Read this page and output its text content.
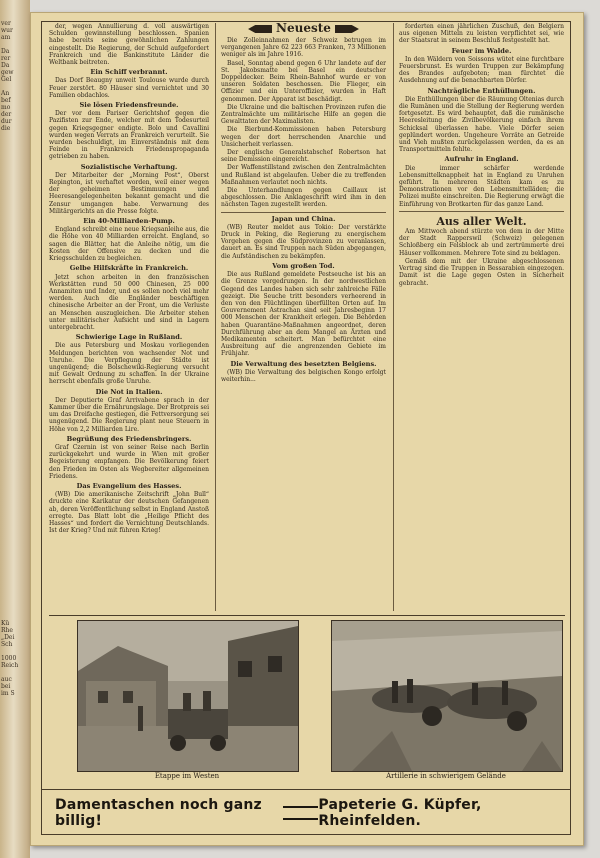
ver
wur
am

Da
rer
Da
gew
Gel

An
bef
mo
der
dur
die
Kü
Rhe
„Dei
Sch

1000
Reich

auc
bei
im S
der, wegen Annullierung d. voll auswärtigen Schulden gewinnstellung beschlossen. Spanien habe bereits seine gewöhnlichen Zahlungen eingestellt. Die Regierung, der Schuld aufgefordert Frankreich und die Bankinstitute Länder die Weltbank beitreten.
Ein Schiff verbrannt.
Das Dorf Beaugny unweit Toulouse wurde durch Feuer zerstört. 80 Häuser sind vernichtet und 30 Familien obdachlos.
Sie lösen Friedensfreunde.
Der vor dem Pariser Gerichtshof gegen die Pazifisten zur Ende, welcher mit dem Todesurteil gegen Kriegsgegner endigte. Bolo und Cavallini wurden wegen Verrats an Frankreich verurteilt. Sie wurden beschuldigt, im Einverständnis mit dem Feinde in Frankreich Friedenspropaganda getrieben zu haben.
Sozialistische Verhaftung.
Der Mitarbeiter der „Morning Post“, Oberst Repington, ist verhaftet worden, weil einer wegen der geheimen Bestimmungen und Heeresangelegenheiten bekannt gemacht und die Zensur umgangen habe. Verwarnung des Militärgerichts an die Presse folgte.
Ein 40-Milliarden-Pump.
England schreibt eine neue Kriegsanleihe aus, die die Höhe von 40 Milliarden erreicht. England, so sagen die Blätter, hat die Anleihe nötig, um die Kosten der Offensive zu decken und die Kriegsschulden zu begleichen.
Gelbe Hilfskräfte in Frankreich.
Jetzt schon arbeiten in den französischen Werkstätten rund 50 000 Chinesen, 25 000 Annamiten und Inder, und es sollen noch viel mehr werden. Auch die Engländer beschäftigen chinesische Arbeiter an der Front, um die Verluste an Menschen auszugleichen. Die Arbeiter stehen unter militärischer Aufsicht und sind in Lagern untergebracht.
Schwierige Lage in Rußland.
Die aus Petersburg und Moskau vorliegenden Meldungen berichten von wachsender Not und Unruhe. Die Verpflegung der Städte ist ungenügend; die Bolschewiki-Regierung versucht mit Gewalt Ordnung zu schaffen. In der Ukraine herrscht ebenfalls große Unruhe.
Die Not in Italien.
Der Deputierte Graf Arrivabene sprach in der Kammer über die Ernährungslage. Der Brotpreis sei um das Dreifache gestiegen, die Fettversorgung sei ungenügend. Die Regierung plant neue Steuern in Höhe von 2,2 Milliarden Lire.
Begrüßung des Friedensbringers.
Graf Czernin ist von seiner Reise nach Berlin zurückgekehrt und wurde in Wien mit großer Begeisterung empfangen. Die Bevölkerung feiert den Frieden im Osten als Wegbereiter allgemeinen Friedens.
Das Evangelium des Hasses.
(WB) Die amerikanische Zeitschrift „John Bull“ druckte eine Karikatur der deutschen Gefangenen ab, deren Veröffentlichung selbst in England Anstoß erregte. Das Blatt lobt die „Heilige Pflicht des Hasses“ und fordert die Vernichtung Deutschlands. Ist der Krieg? Und mit führen Krieg!
Neueste
Die Zolleinnahmen der Schweiz betrugen im vergangenen Jahre 62 223 663 Franken, 73 Millionen weniger als im Jahre 1916.
Basel, Sonntag abend gegen 6 Uhr landete auf der St. Jakobsmatte bei Basel ein deutscher Doppeldecker. Beim Rhein-Bahnhof wurde er von unseren Soldaten beschossen. Die Flieger, ein Offizier und ein Unteroffizier, wurden in Haft genommen. Der Apparat ist beschädigt.
Die Ukraine und die baltischen Provinzen rufen die Zentralmächte um militärische Hilfe an gegen die Gewalttaten der Maximalisten.
Die Bierbund-Kommissionen haben Petersburg wegen der dort herrschenden Anarchie und Unsicherheit verlassen.
Der englische Generalstabschef Robertson hat seine Demission eingereicht.
Der Waffenstillstand zwischen den Zentralmächten und Rußland ist abgelaufen. Ueber die zu treffenden Maßnahmen verlautet noch nichts.
Die Unterhandlungen gegen Caillaux ist abgeschlossen. Die Anklageschrift wird ihm in den nächsten Tagen zugestellt werden.
Japan und China.
(WB) Reuter meldet aus Tokio: Der verstärkte Druck in Peking, die Regierung zu energischem Vorgehen gegen die Südprovinzen zu veranlassen, dauert an. Es sind Truppen nach Süden abgegangen, die Aufständischen zu bekämpfen.
Vom großen Tod.
Die aus Rußland gemeldete Pestseuche ist bis an die Grenze vorgedrungen. In der nordwestlichen Gegend des Landes haben sich sehr zahlreiche Fälle gezeigt. Die Seuche tritt besonders verheerend in den von den Flüchtlingen überfüllten Orten auf. Im Gouvernement Astrachan sind seit Jahresbeginn 17 000 Menschen der Krankheit erlegen. Die Behörden haben Quarantäne-Maßnahmen angeordnet, deren Durchführung aber an dem Mangel an Ärzten und Medikamenten scheitert. Man befürchtet eine Ausbreitung auf die angrenzenden Gebiete im Frühjahr.
Die Verwaltung des besetzten Belgiens.
(WB) Die Verwaltung des belgischen Kongo erfolgt weiterhin...
forderten einen jährlichen Zuschuß, den Belgiern aus eigenen Mitteln zu leisten verpflichtet sei, wie der Staatsrat in seinem Beschluß festgestellt hat.
Feuer im Walde.
In den Wäldern von Soissons wütet eine furchtbare Feuersbrunst. Es wurden Truppen zur Bekämpfung des Brandes aufgeboten; man fürchtet die Ausdehnung auf die benachbarten Dörfer.
Nachträgliche Enthüllungen.
Die Enthüllungen über die Räumung Oltenias durch die Rumänen und die Stellung der Regierung werden fortgesetzt. Es wird behauptet, daß die rumänische Heeresleitung die Zivilbevölkerung einfach ihrem Schicksal überlassen habe. Viele Dörfer seien geplündert worden. Ungeheure Vorräte an Getreide und Vieh mußten zurückgelassen werden, da es an Transportmitteln fehlte.
Aufruhr in England.
Die immer schärfer werdende Lebensmittelknappheit hat in England zu Unruhen geführt. In mehreren Städten kam es zu Demonstrationen vor den Lebensmittelläden; die Polizei mußte einschreiten. Die Regierung erwägt die Einführung von Brotkarten für das ganze Land.
Aus aller Welt.
Am Mittwoch abend stürzte von dem in der Mitte der Stadt Rapperswil (Schweiz) gelegenen Schloßberg ein Felsblock ab und zertrümmerte drei Häuser vollkommen. Mehrere Tote sind zu beklagen.
Gemäß dem mit der Ukraine abgeschlossenen Vertrag sind die Truppen in Bessarabien eingezogen. Damit ist die Lage gegen Osten in Sicherheit gebracht.
Etappe im Westen	Artillerie in schwierigem Gelände
Damentaschen noch ganz billig!
Papeterie G. Küpfer, Rheinfelden.
